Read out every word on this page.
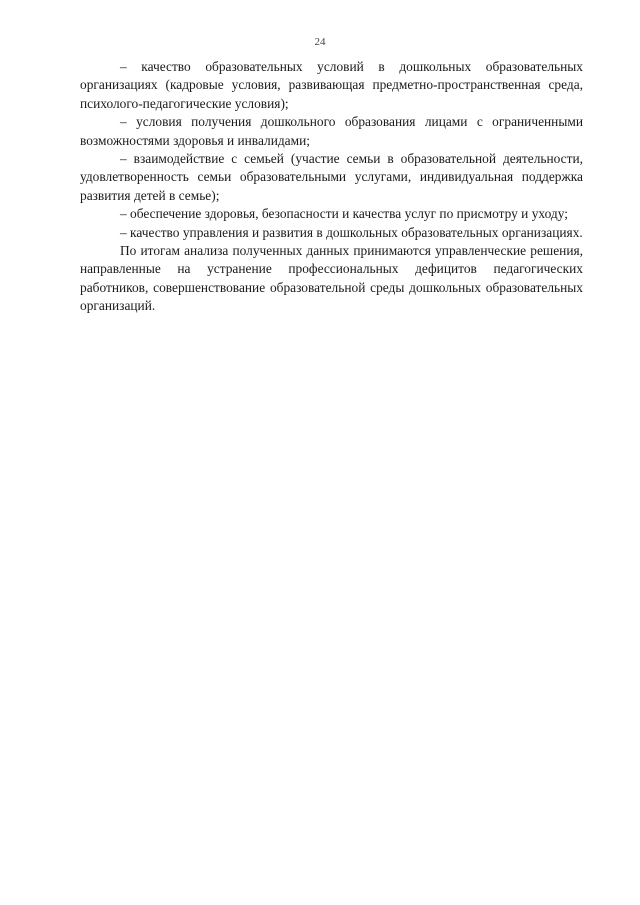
24

– качество образовательных условий в дошкольных образовательных организациях (кадровые условия, развивающая предметно-пространственная среда, психолого-педагогические условия);

– условия получения дошкольного образования лицами с ограниченными возможностями здоровья и инвалидами;

– взаимодействие с семьей (участие семьи в образовательной деятельности, удовлетворенность семьи образовательными услугами, индивидуальная поддержка развития детей в семье);

– обеспечение здоровья, безопасности и качества услуг по присмотру и уходу;

– качество управления и развития в дошкольных образовательных организациях.

По итогам анализа полученных данных принимаются управленческие решения, направленные на устранение профессиональных дефицитов педагогических работников, совершенствование образовательной среды дошкольных образовательных организаций.
